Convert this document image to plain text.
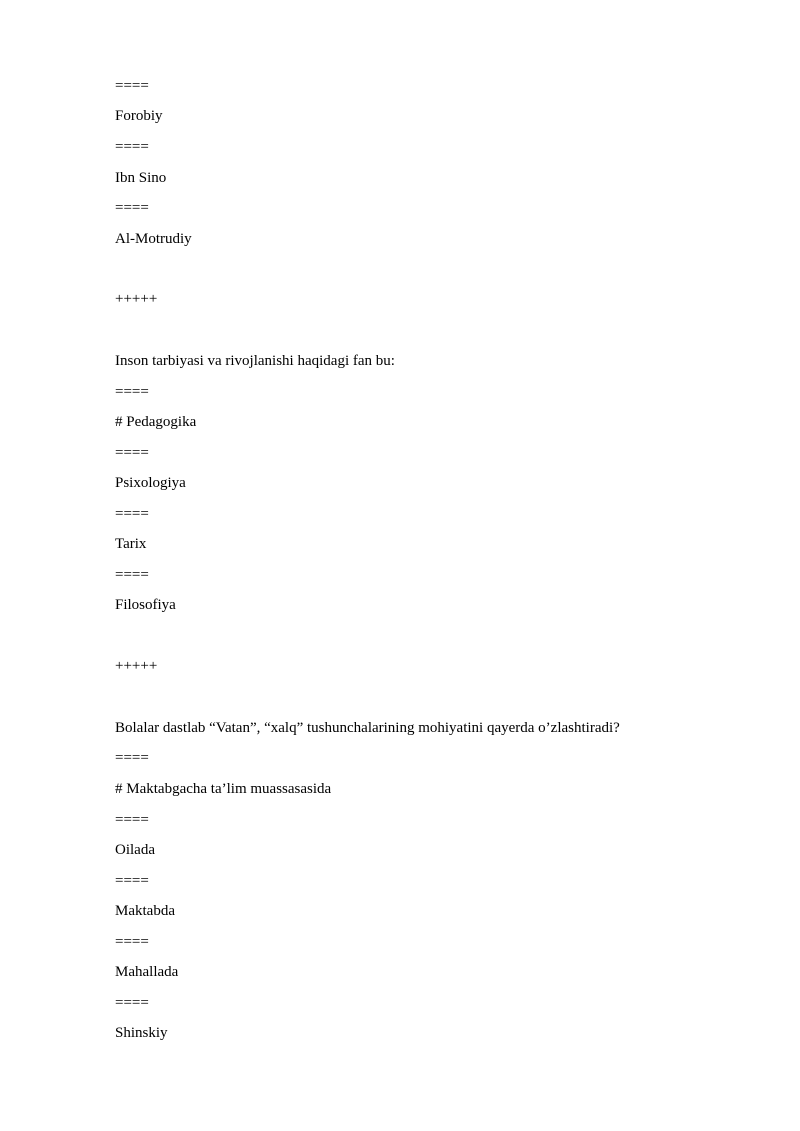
====
Forobiy
====
Ibn Sino
====
Al-Motrudiy
+++++
Inson tarbiyasi va rivojlanishi haqidagi fan bu:
====
# Pedagogika
====
Psixologiya
====
Tarix
====
Filosofiya
+++++
Bolalar dastlab “Vatan”, “xalq” tushunchalarining mohiyatini qayerda o’zlashtiradi?
====
# Maktabgacha ta’lim muassasasida
====
Oilada
====
Maktabda
====
Mahallada
====
Shinskiy
